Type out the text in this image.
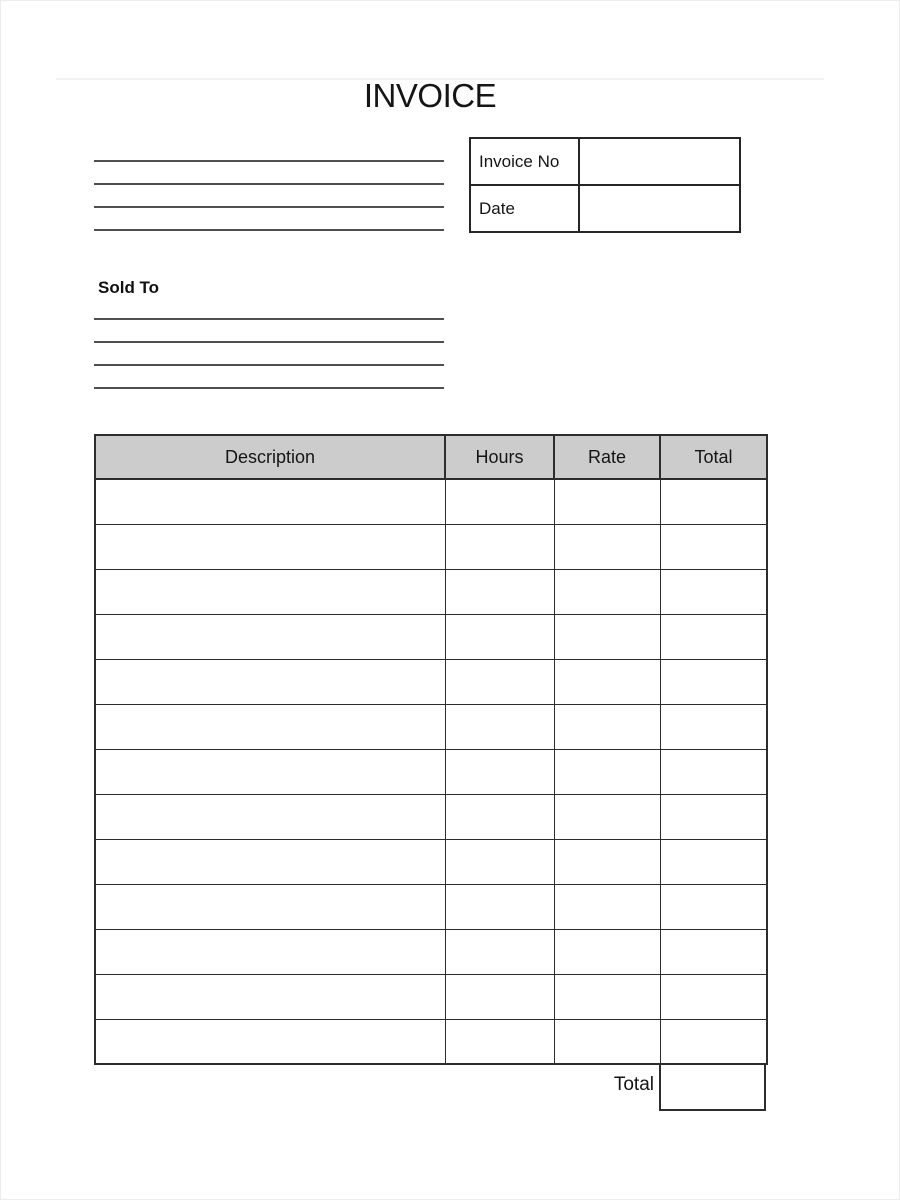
INVOICE
Invoice No	
Date	
Sold To
Description	Hours	Rate	Total

Total
